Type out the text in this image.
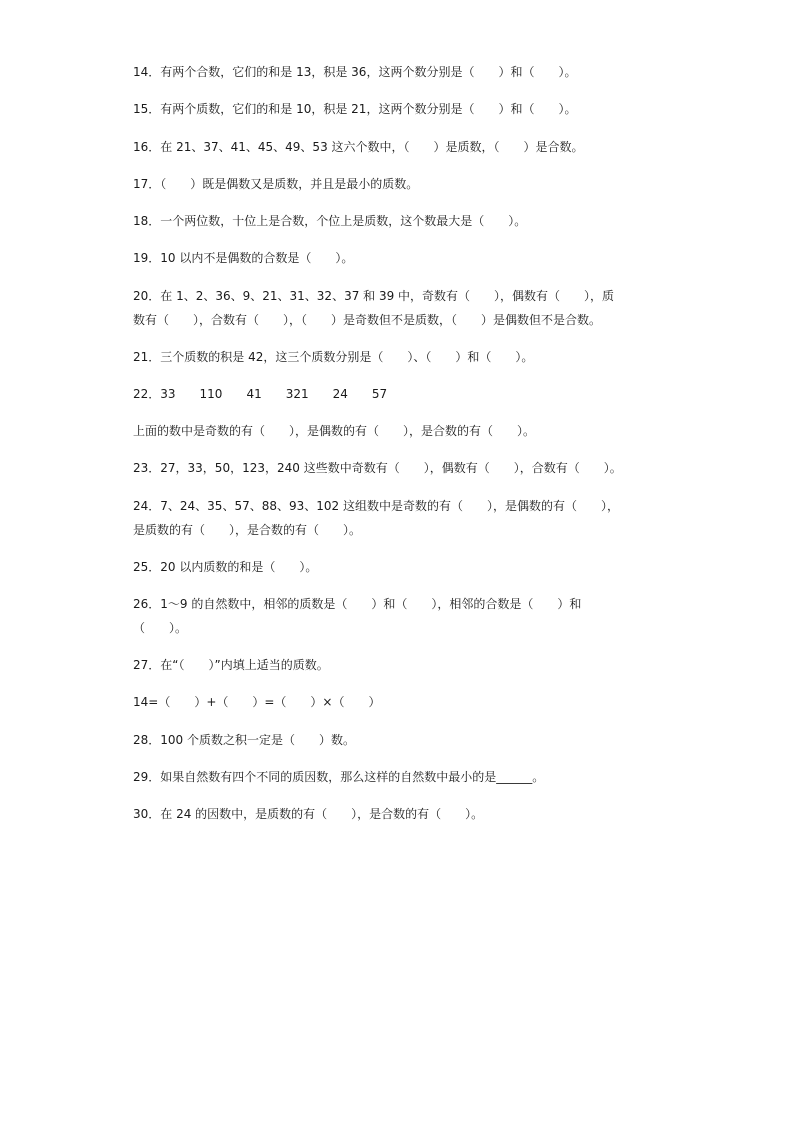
14．有两个合数，它们的和是 13，积是 36，这两个数分别是（　　）和（　　）。
15．有两个质数，它们的和是 10，积是 21，这两个数分别是（　　）和（　　）。
16．在 21、37、41、45、49、53 这六个数中，（　　）是质数，（　　）是合数。
17．（　　）既是偶数又是质数，并且是最小的质数。
18．一个两位数，十位上是合数，个位上是质数，这个数最大是（　　）。
19．10 以内不是偶数的合数是（　　）。
20．在 1、2、36、9、21、31、32、37 和 39 中，奇数有（　　），偶数有（　　），质
数有（　　），合数有（　　），（　　）是奇数但不是质数，（　　）是偶数但不是合数。
21．三个质数的积是 42，这三个质数分别是（　　）、（　　）和（　　）。
22．33　　110　　41　　321　　24　　57
上面的数中是奇数的有（　　），是偶数的有（　　），是合数的有（　　）。
23．27，33，50，123，240 这些数中奇数有（　　），偶数有（　　），合数有（　　）。
24．7、24、35、57、88、93、102 这组数中是奇数的有（　　），是偶数的有（　　），
是质数的有（　　），是合数的有（　　）。
25．20 以内质数的和是（　　）。
26．1～9 的自然数中，相邻的质数是（　　）和（　　），相邻的合数是（　　）和
（　　）。
27．在“（　　）”内填上适当的质数。
14=（　　）+（　　）=（　　）×（　　）
28．100 个质数之积一定是（　　）数。
29．如果自然数有四个不同的质因数，那么这样的自然数中最小的是______。
30．在 24 的因数中，是质数的有（　　），是合数的有（　　）。
